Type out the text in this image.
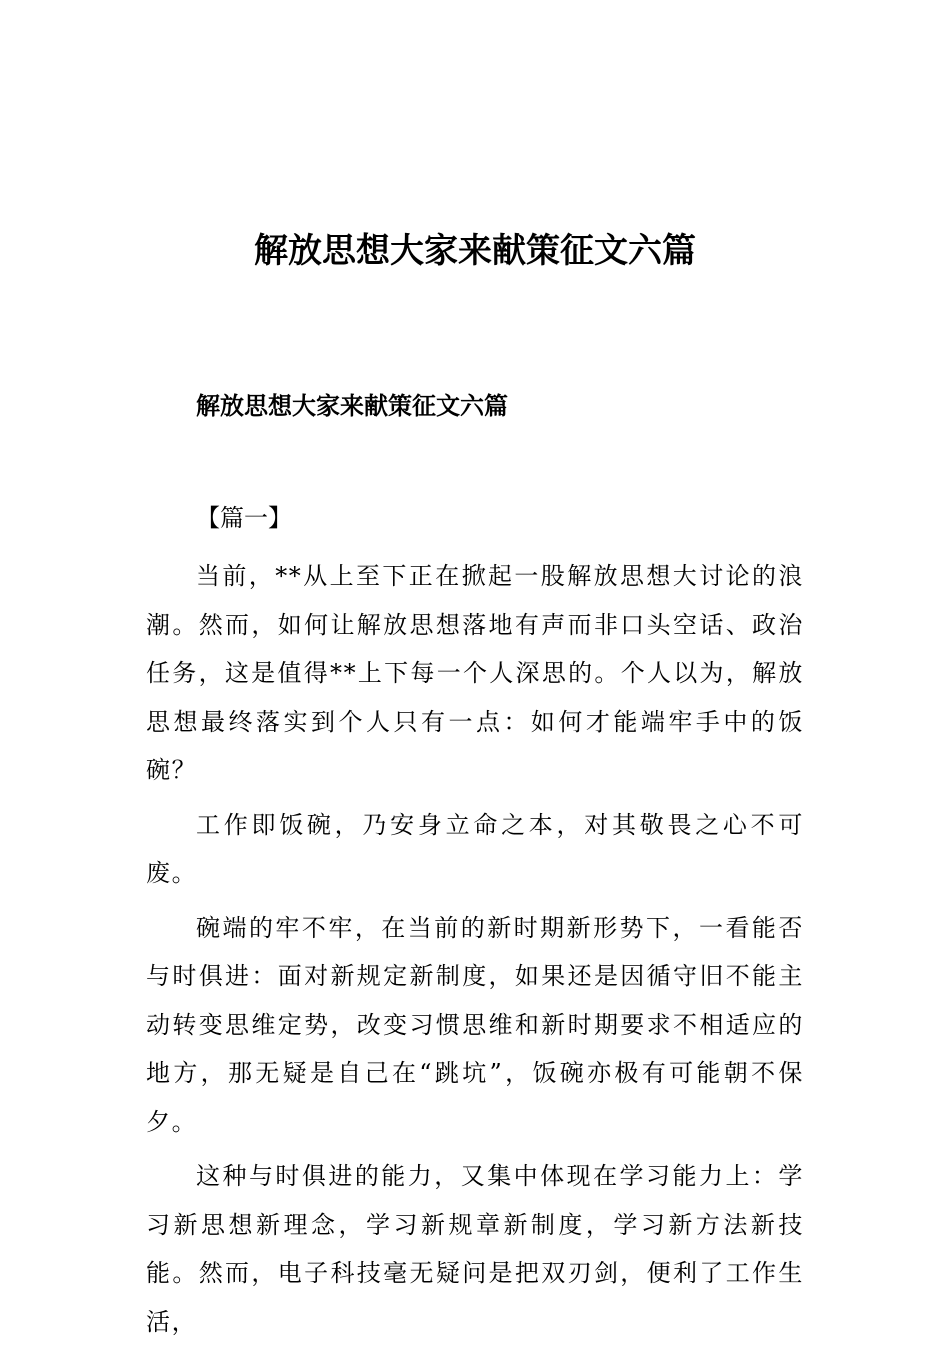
解放思想大家来献策征文六篇
解放思想大家来献策征文六篇
【篇一】

当前，**从上至下正在掀起一股解放思想大讨论的浪潮。然而，如何让解放思想落地有声而非口头空话、政治任务，这是值得**上下每一个人深思的。个人以为，解放思想最终落实到个人只有一点：如何才能端牢手中的饭碗？

工作即饭碗，乃安身立命之本，对其敬畏之心不可废。

碗端的牢不牢，在当前的新时期新形势下，一看能否与时俱进：面对新规定新制度，如果还是因循守旧不能主动转变思维定势，改变习惯思维和新时期要求不相适应的地方，那无疑是自己在“跳坑”，饭碗亦极有可能朝不保夕。

这种与时俱进的能力，又集中体现在学习能力上：学习新思想新理念，学习新规章新制度，学习新方法新技能。然而，电子科技毫无疑问是把双刃剑，便利了工作生活，
